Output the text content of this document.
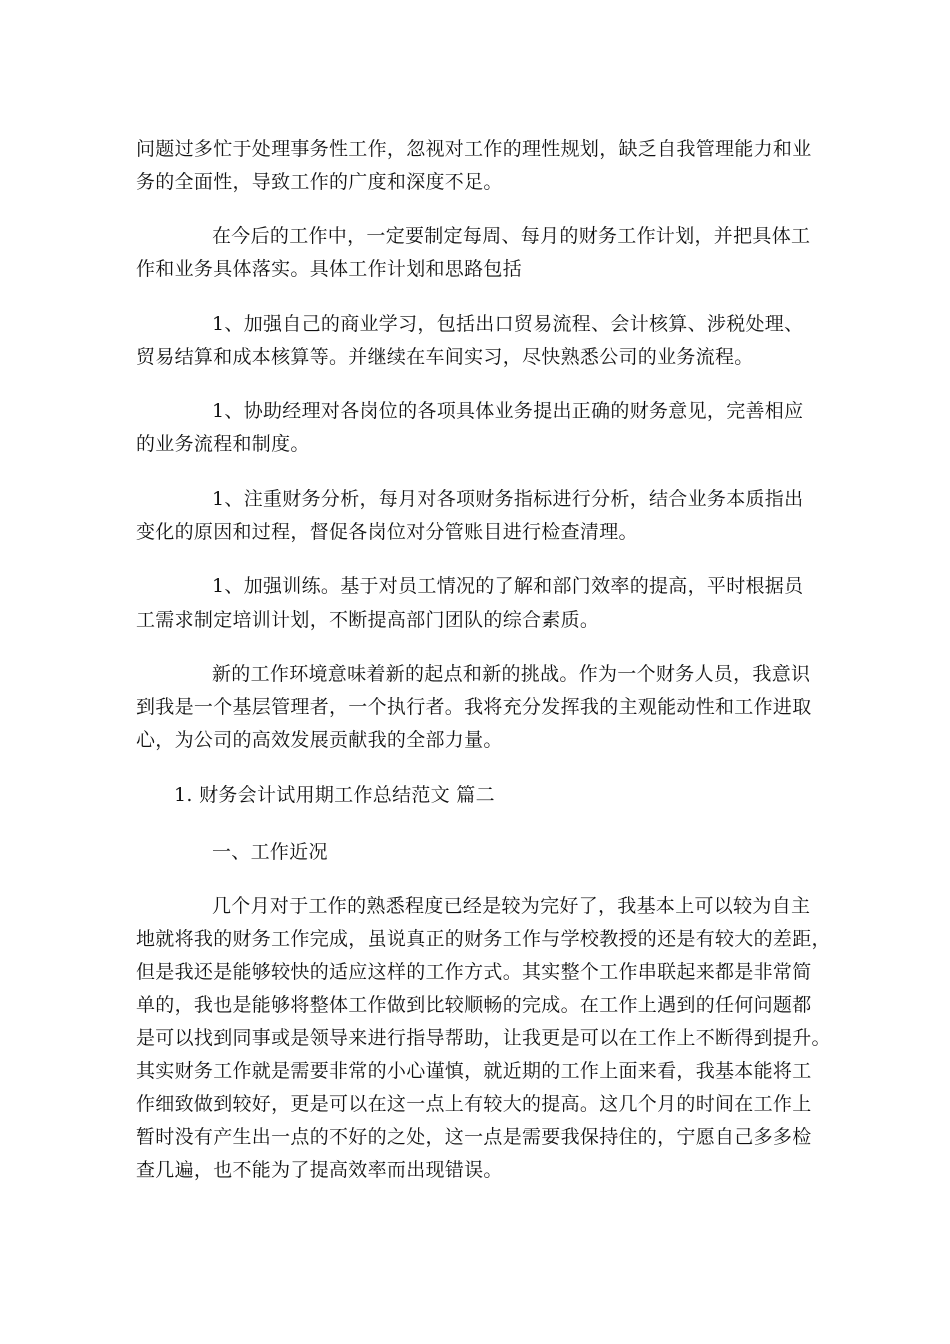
问题过多忙于处理事务性工作，忽视对工作的理性规划，缺乏自我管理能力和业
务的全面性，导致工作的广度和深度不足。
在今后的工作中，一定要制定每周、每月的财务工作计划，并把具体工
作和业务具体落实。具体工作计划和思路包括
1、加强自己的商业学习，包括出口贸易流程、会计核算、涉税处理、
贸易结算和成本核算等。并继续在车间实习，尽快熟悉公司的业务流程。
1、协助经理对各岗位的各项具体业务提出正确的财务意见，完善相应
的业务流程和制度。
1、注重财务分析，每月对各项财务指标进行分析，结合业务本质指出
变化的原因和过程，督促各岗位对分管账目进行检查清理。
1、加强训练。基于对员工情况的了解和部门效率的提高，平时根据员
工需求制定培训计划，不断提高部门团队的综合素质。
新的工作环境意味着新的起点和新的挑战。作为一个财务人员，我意识
到我是一个基层管理者，一个执行者。我将充分发挥我的主观能动性和工作进取
心，为公司的高效发展贡献我的全部力量。
1. 财务会计试用期工作总结范文 篇二
一、工作近况
几个月对于工作的熟悉程度已经是较为完好了，我基本上可以较为自主
地就将我的财务工作完成，虽说真正的财务工作与学校教授的还是有较大的差距，
但是我还是能够较快的适应这样的工作方式。其实整个工作串联起来都是非常简
单的，我也是能够将整体工作做到比较顺畅的完成。在工作上遇到的任何问题都
是可以找到同事或是领导来进行指导帮助，让我更是可以在工作上不断得到提升。
其实财务工作就是需要非常的小心谨慎，就近期的工作上面来看，我基本能将工
作细致做到较好，更是可以在这一点上有较大的提高。这几个月的时间在工作上
暂时没有产生出一点的不好的之处，这一点是需要我保持住的，宁愿自己多多检
查几遍，也不能为了提高效率而出现错误。
